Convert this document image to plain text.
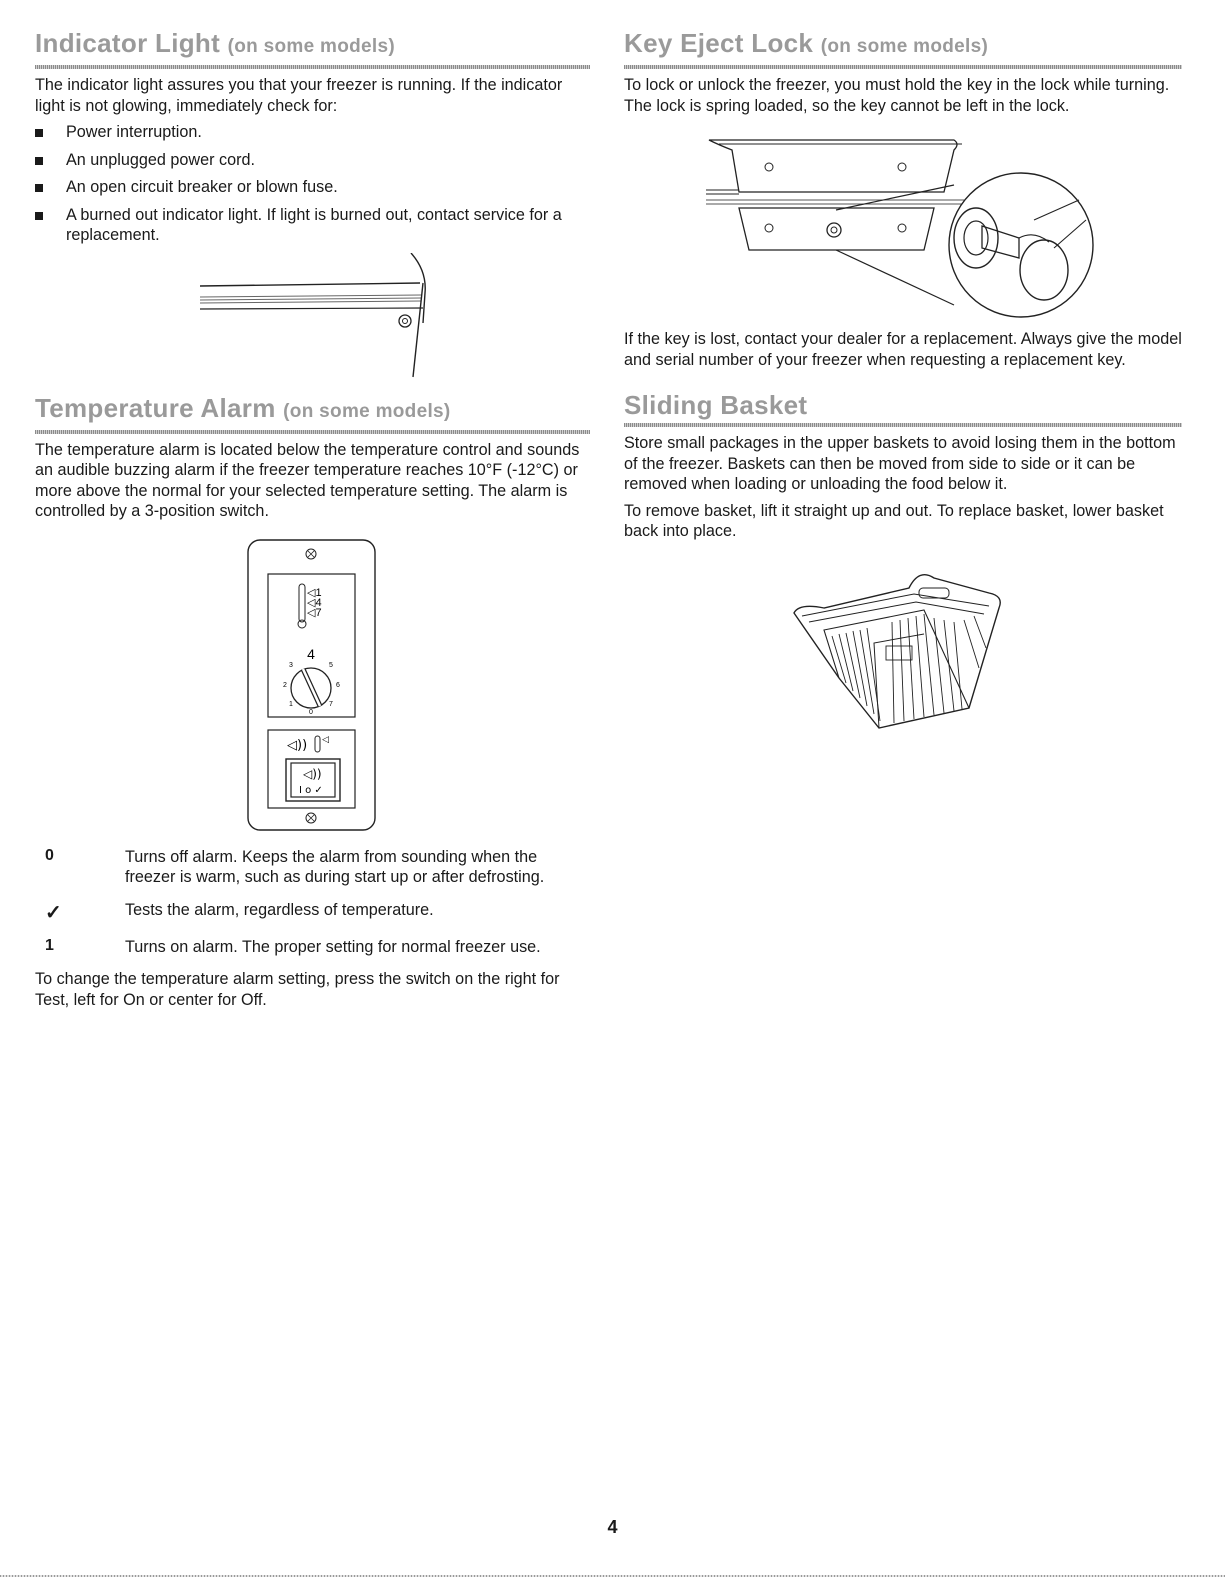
Indicator Light (on some models)

The indicator light assures you that your freezer is running. If the indicator light is not glowing, immediately check for:

Power interruption.
An unplugged power cord.
An open circuit breaker or blown fuse.
A burned out indicator light. If light is burned out, contact service for a replacement.
Temperature Alarm (on some models)

The temperature alarm is located below the temperature control and sounds an audible buzzing alarm if the freezer temperature reaches 10°F (-12°C) or more above the normal for your selected temperature setting. The alarm is controlled by a 3-position switch.

◁1
◁4
◁7
4
3	5
2	6
1	7
0
◁)) ◁
◁))
I o ✓
0	Turns off alarm. Keeps the alarm from sounding when the freezer is warm, such as during start up or after defrosting.
✓	Tests the alarm, regardless of temperature.
1	Turns on alarm. The proper setting for normal freezer use.

To change the temperature alarm setting, press the switch on the right for Test, left for On or center for Off.

Key Eject Lock (on some models)

To lock or unlock the freezer, you must hold the key in the lock while turning. The lock is spring loaded, so the key cannot be left in the lock.

If the key is lost, contact your dealer for a replacement. Always give the model and serial number of your freezer when requesting a replacement key.

Sliding Basket

Store small packages in the upper baskets to avoid losing them in the bottom of the freezer. Baskets can then be moved from side to side or it can be removed when loading or unloading the food below it.

To remove basket, lift it straight up and out. To replace basket, lower basket back into place.

4
